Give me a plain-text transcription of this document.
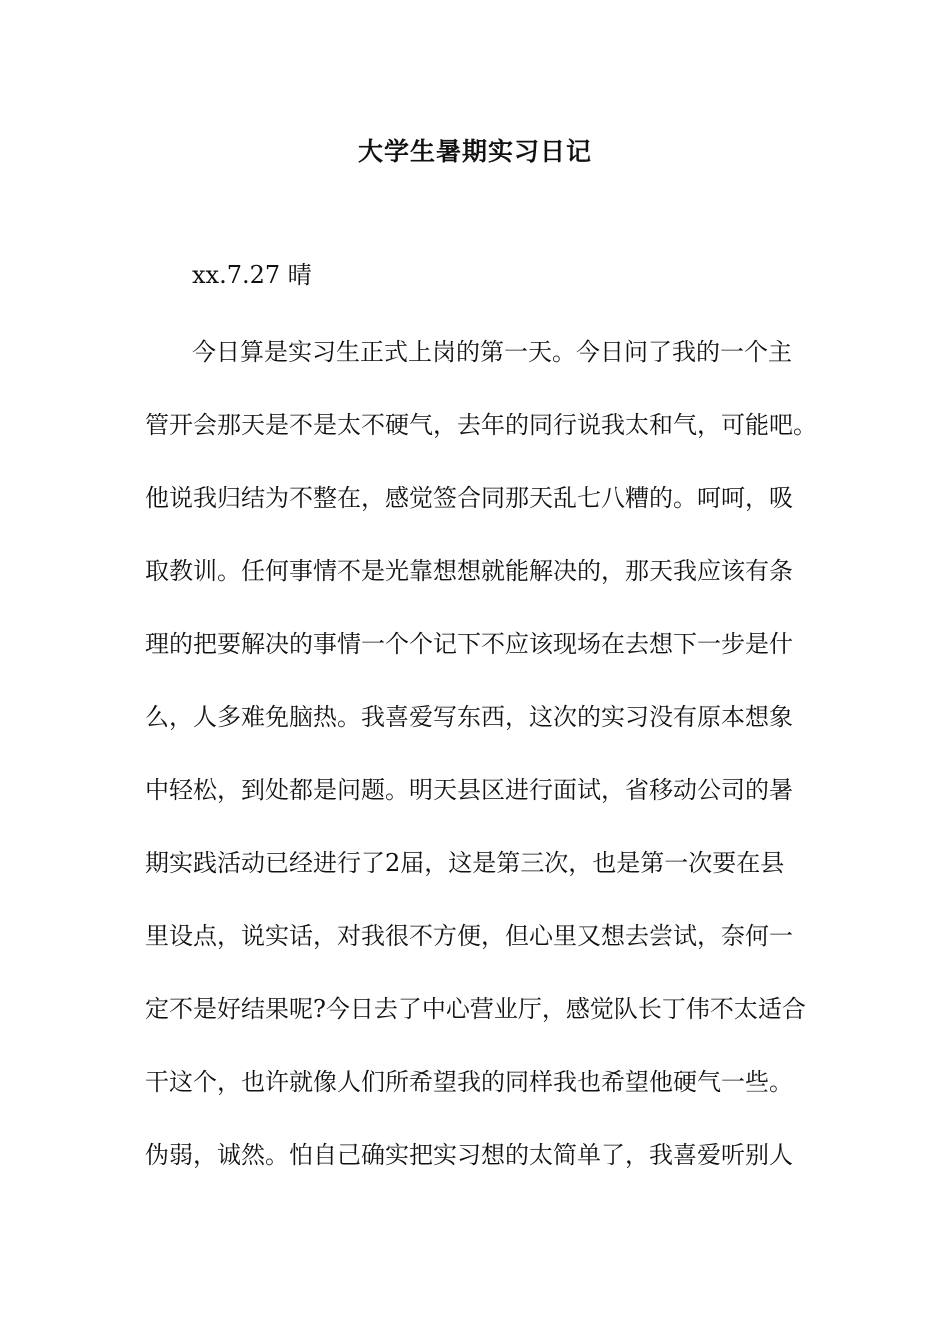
大学生暑期实习日记
xx.7.27 晴
今日算是实习生正式上岗的第一天。今日问了我的一个主
管开会那天是不是太不硬气，去年的同行说我太和气，可能吧。
他说我归结为不整在，感觉签合同那天乱七八糟的。呵呵，吸
取教训。任何事情不是光靠想想就能解决的，那天我应该有条
理的把要解决的事情一个个记下不应该现场在去想下一步是什
么，人多难免脑热。我喜爱写东西，这次的实习没有原本想象
中轻松，到处都是问题。明天县区进行面试，省移动公司的暑
期实践活动已经进行了2届，这是第三次，也是第一次要在县
里设点，说实话，对我很不方便，但心里又想去尝试，奈何一
定不是好结果呢?今日去了中心营业厅，感觉队长丁伟不太适合
干这个，也许就像人们所希望我的同样我也希望他硬气一些。
伪弱，诚然。怕自己确实把实习想的太简单了，我喜爱听别人
